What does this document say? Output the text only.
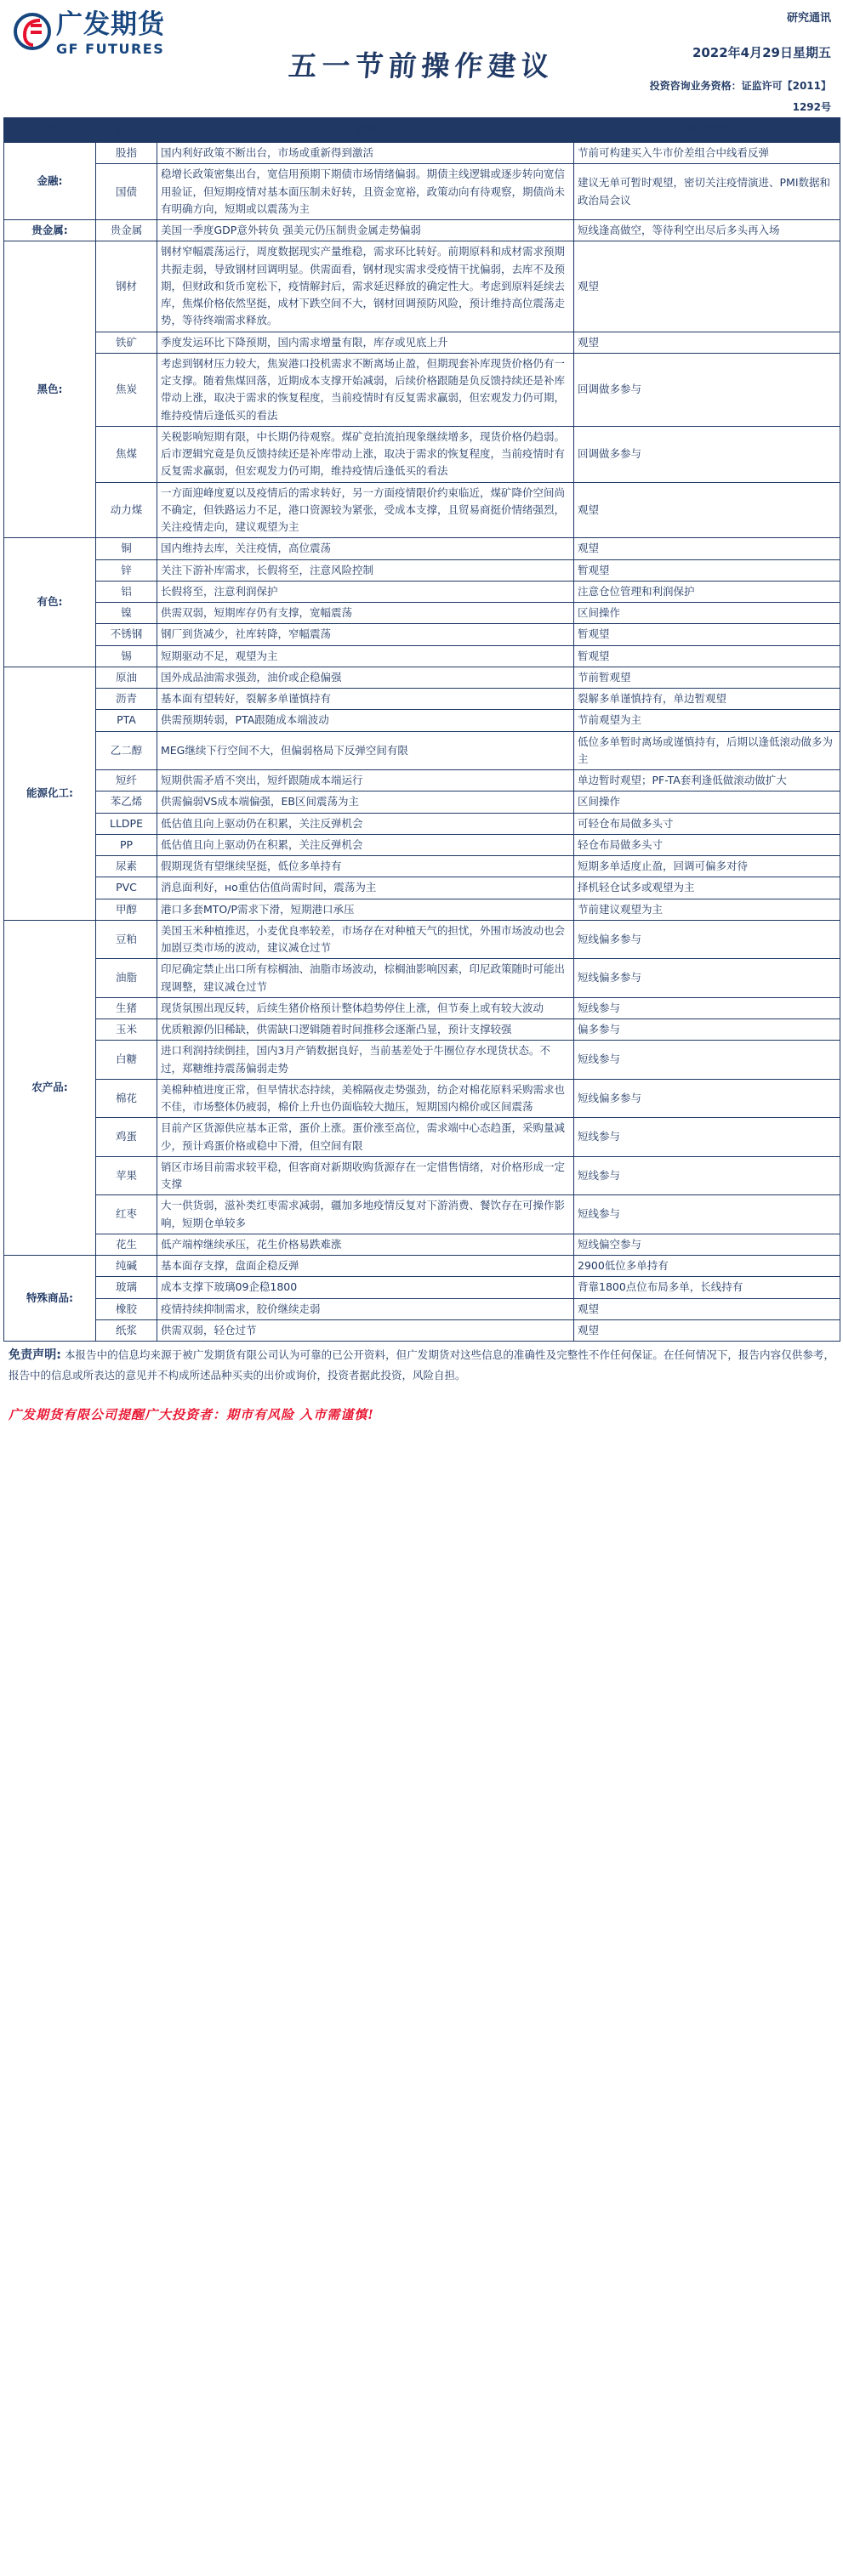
广发期货
GF FUTURES
五一节前操作建议
研究通讯
2022年4月29日星期五
投资咨询业务资格：证监许可【2011】
1292号
板块	品种	点评	操作建议
金融:	股指	国内利好政策不断出台，市场或重新得到激活	节前可构建买入牛市价差组合中线看反弹
	国债	稳增长政策密集出台，宽信用预期下期债市场情绪偏弱。期债主线逻辑或逐步转向宽信用验证，但短期疫情对基本面压制未好转，且资金宽裕，政策动向有待观察，期债尚未有明确方向，短期或以震荡为主	建议无单可暂时观望，密切关注疫情演进、PMI数据和政治局会议
贵金属:	贵金属	美国一季度GDP意外转负 强美元仍压制贵金属走势偏弱	短线逢高做空，等待利空出尽后多头再入场
黑色:	钢材	钢材窄幅震荡运行，周度数据现实产量维稳，需求环比转好。前期原料和成材需求预期共振走弱，导致钢材回调明显。供需面看，钢材现实需求受疫情干扰偏弱，去库不及预期，但财政和货币宽松下，疫情解封后，需求延迟释放的确定性大。考虑到原料延续去库，焦煤价格依然坚挺，成材下跌空间不大，钢材回调预防风险，预计维持高位震荡走势，等待终端需求释放。	观望
	铁矿	季度发运环比下降预期，国内需求增量有限，库存或见底上升	观望
	焦炭	考虑到钢材压力较大，焦炭港口投机需求不断离场止盈，但期现套补库现货价格仍有一定支撑。随着焦煤回落，近期成本支撑开始减弱，后续价格跟随是负反馈持续还是补库带动上涨，取决于需求的恢复程度，当前疫情时有反复需求赢弱，但宏观发力仍可期，维持疫情后逢低买的看法	回调做多参与
	焦煤	关税影响短期有限，中长期仍待观察。煤矿竞拍流拍现象继续增多，现货价格仍趋弱。后市逻辑究竟是负反馈持续还是补库带动上涨，取决于需求的恢复程度，当前疫情时有反复需求赢弱，但宏观发力仍可期，维持疫情后逢低买的看法	回调做多参与
	动力煤	一方面迎峰度夏以及疫情后的需求转好，另一方面疫情限价约束临近，煤矿降价空间尚不确定，但铁路运力不足，港口资源较为紧张，受成本支撑，且贸易商挺价情绪强烈，关注疫情走向，建议观望为主	观望
有色:	铜	国内维持去库，关注疫情，高位震荡	观望
	锌	关注下游补库需求，长假将至，注意风险控制	暂观望
	铝	长假将至，注意利润保护	注意仓位管理和利润保护
	镍	供需双弱，短期库存仍有支撑，宽幅震荡	区间操作
	不锈钢	钢厂到货减少，社库转降，窄幅震荡	暂观望
	锡	短期驱动不足，观望为主	暂观望
能源化工:	原油	国外成品油需求强劲，油价或企稳偏强	节前暂观望
	沥青	基本面有望转好，裂解多单谨慎持有	裂解多单谨慎持有，单边暂观望
	PTA	供需预期转弱，PTA跟随成本端波动	节前观望为主
	乙二醇	MEG继续下行空间不大，但偏弱格局下反弹空间有限	低位多单暂时离场或谨慎持有，后期以逢低滚动做多为主
	短纤	短期供需矛盾不突出，短纤跟随成本端运行	单边暂时观望；PF-TA套利逢低做滚动做扩大
	苯乙烯	供需偏弱VS成本端偏强，EB区间震荡为主	区间操作
	LLDPE	低估值且向上驱动仍在积累，关注反弹机会	可轻仓布局做多头寸
	PP	低估值且向上驱动仍在积累，关注反弹机会	轻仓布局做多头寸
	尿素	假期现货有望继续坚挺，低位多单持有	短期多单适度止盈，回调可偏多对待
	PVC	消息面利好，но重估估值尚需时间，震荡为主	择机轻仓试多或观望为主
	甲醇	港口多套MTO/P需求下滑，短期港口承压	节前建议观望为主
农产品:	豆粕	美国玉米种植推迟，小麦优良率较差，市场存在对种植天气的担忧，外围市场波动也会加剧豆类市场的波动，建议减仓过节	短线偏多参与
	油脂	印尼确定禁止出口所有棕榈油、油脂市场波动，棕榈油影响因素，印尼政策随时可能出现调整，建议减仓过节	短线偏多参与
	生猪	现货氛围出现反转，后续生猪价格预计整体趋势停住上涨，但节奏上或有较大波动	短线参与
	玉米	优质粮源仍旧稀缺，供需缺口逻辑随着时间推移会逐渐凸显，预计支撑较强	偏多参与
	白糖	进口利润持续倒挂，国内3月产销数据良好，当前基差处于牛圈位存水现货状态。不过，郑糖维持震荡偏弱走势	短线参与
	棉花	美棉种植进度正常，但旱情状态持续，美棉隔夜走势强劲，纺企对棉花原料采购需求也不佳，市场整体仍疲弱，棉价上升也仍面临较大抛压，短期国内棉价或区间震荡	短线偏多参与
	鸡蛋	目前产区货源供应基本正常，蛋价上涨。蛋价涨至高位，需求端中心态趋蛋，采购量减少，预计鸡蛋价格或稳中下滑，但空间有限	短线参与
	苹果	销区市场目前需求较平稳，但客商对新期收购货源存在一定惜售情绪，对价格形成一定支撑	短线参与
	红枣	大一供货弱，滋补类红枣需求减弱，疆加多地疫情反复对下游消费、餐饮存在可操作影响，短期仓单较多	短线参与
	花生	低产端榨继续承压，花生价格易跌难涨	短线偏空参与
特殊商品:	纯碱	基本面存支撑，盘面企稳反弹	2900低位多单持有
	玻璃	成本支撑下玻璃09企稳1800	背靠1800点位布局多单，长线持有
	橡胶	疫情持续抑制需求，胶价继续走弱	观望
	纸浆	供需双弱，轻仓过节	观望
免责声明: 本报告中的信息均来源于被广发期货有限公司认为可靠的已公开资料，但广发期货对这些信息的准确性及完整性不作任何保证。在任何情况下，报告内容仅供参考，报告中的信息或所表达的意见并不构成所述品种买卖的出价或询价，投资者据此投资，风险自担。
广发期货有限公司提醒广大投资者：期市有风险 入市需谨慎!
